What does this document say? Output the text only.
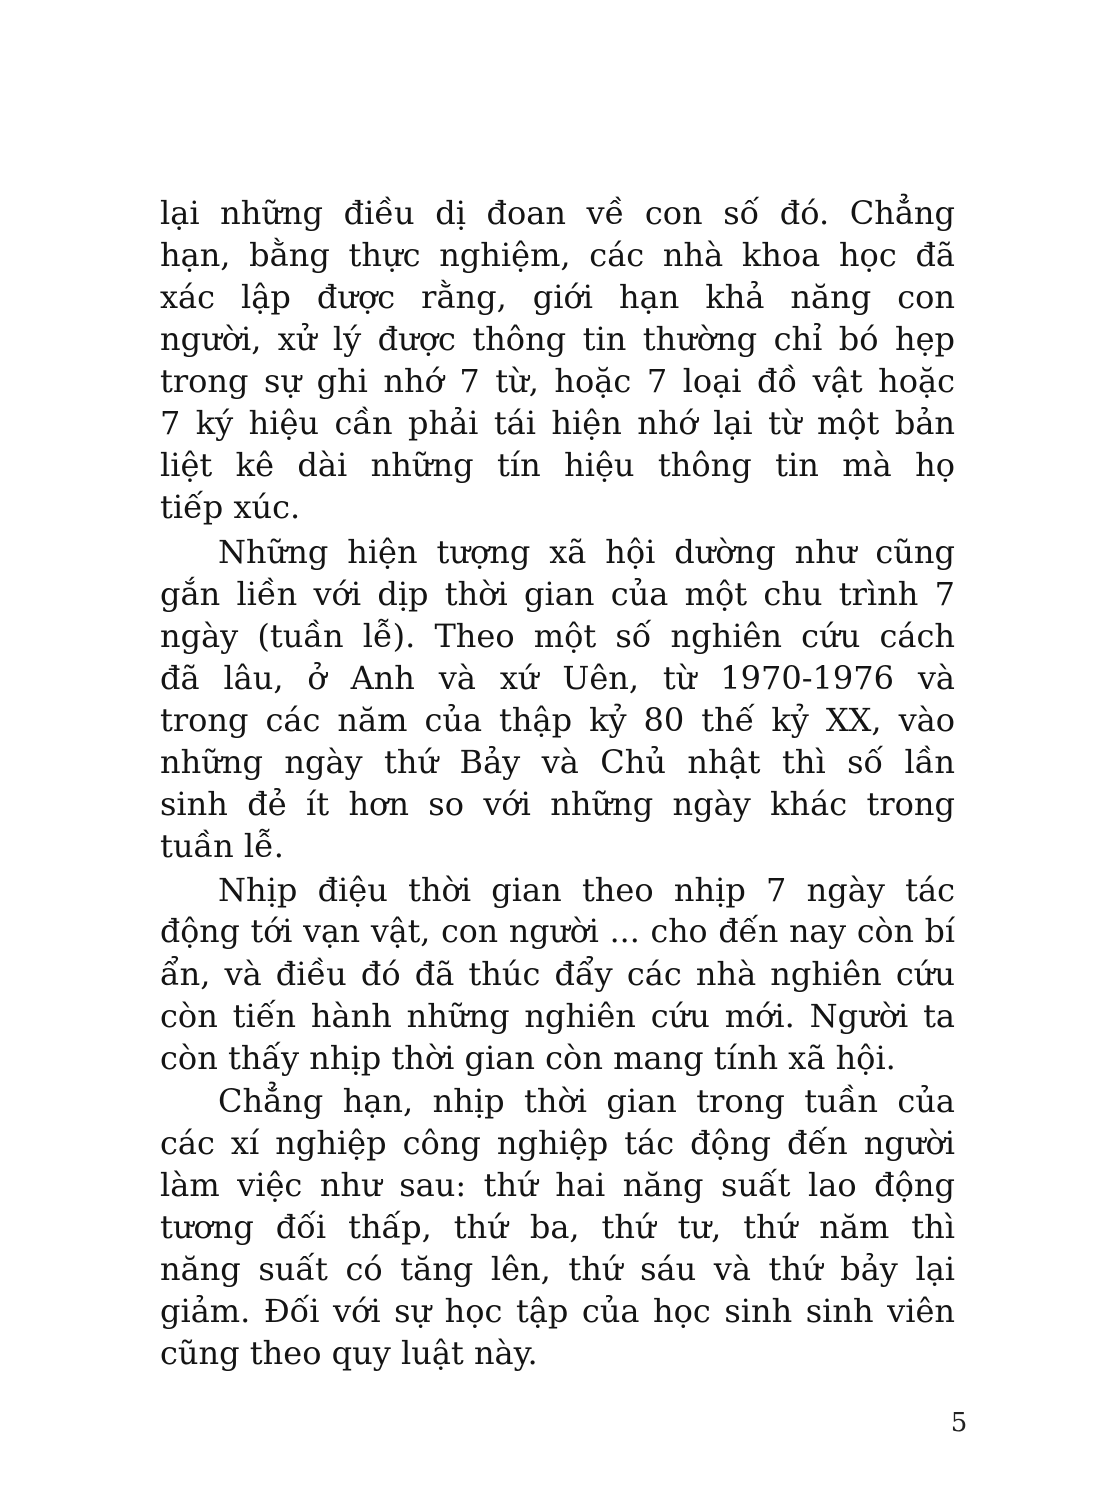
lại những điều dị đoan về con số đó. Chẳng
hạn, bằng thực nghiệm, các nhà khoa học đã
xác lập được rằng, giới hạn khả năng con
người, xử lý được thông tin thường chỉ bó hẹp
trong sự ghi nhớ 7 từ, hoặc 7 loại đồ vật hoặc
7 ký hiệu cần phải tái hiện nhớ lại từ một bản
liệt kê dài những tín hiệu thông tin mà họ
tiếp xúc.
Những hiện tượng xã hội dường như cũng
gắn liền với dịp thời gian của một chu trình 7
ngày (tuần lễ). Theo một số nghiên cứu cách
đã lâu, ở Anh và xứ Uên, từ 1970-1976 và
trong các năm của thập kỷ 80 thế kỷ XX, vào
những ngày thứ Bảy và Chủ nhật thì số lần
sinh đẻ ít hơn so với những ngày khác trong
tuần lễ.
Nhịp điệu thời gian theo nhịp 7 ngày tác
động tới vạn vật, con người ... cho đến nay còn bí
ẩn, và điều đó đã thúc đẩy các nhà nghiên cứu
còn tiến hành những nghiên cứu mới. Người ta
còn thấy nhịp thời gian còn mang tính xã hội.
Chẳng hạn, nhịp thời gian trong tuần của
các xí nghiệp công nghiệp tác động đến người
làm việc như sau: thứ hai năng suất lao động
tương đối thấp, thứ ba, thứ tư, thứ năm thì
năng suất có tăng lên, thứ sáu và thứ bảy lại
giảm. Đối với sự học tập của học sinh sinh viên
cũng theo quy luật này.
5
